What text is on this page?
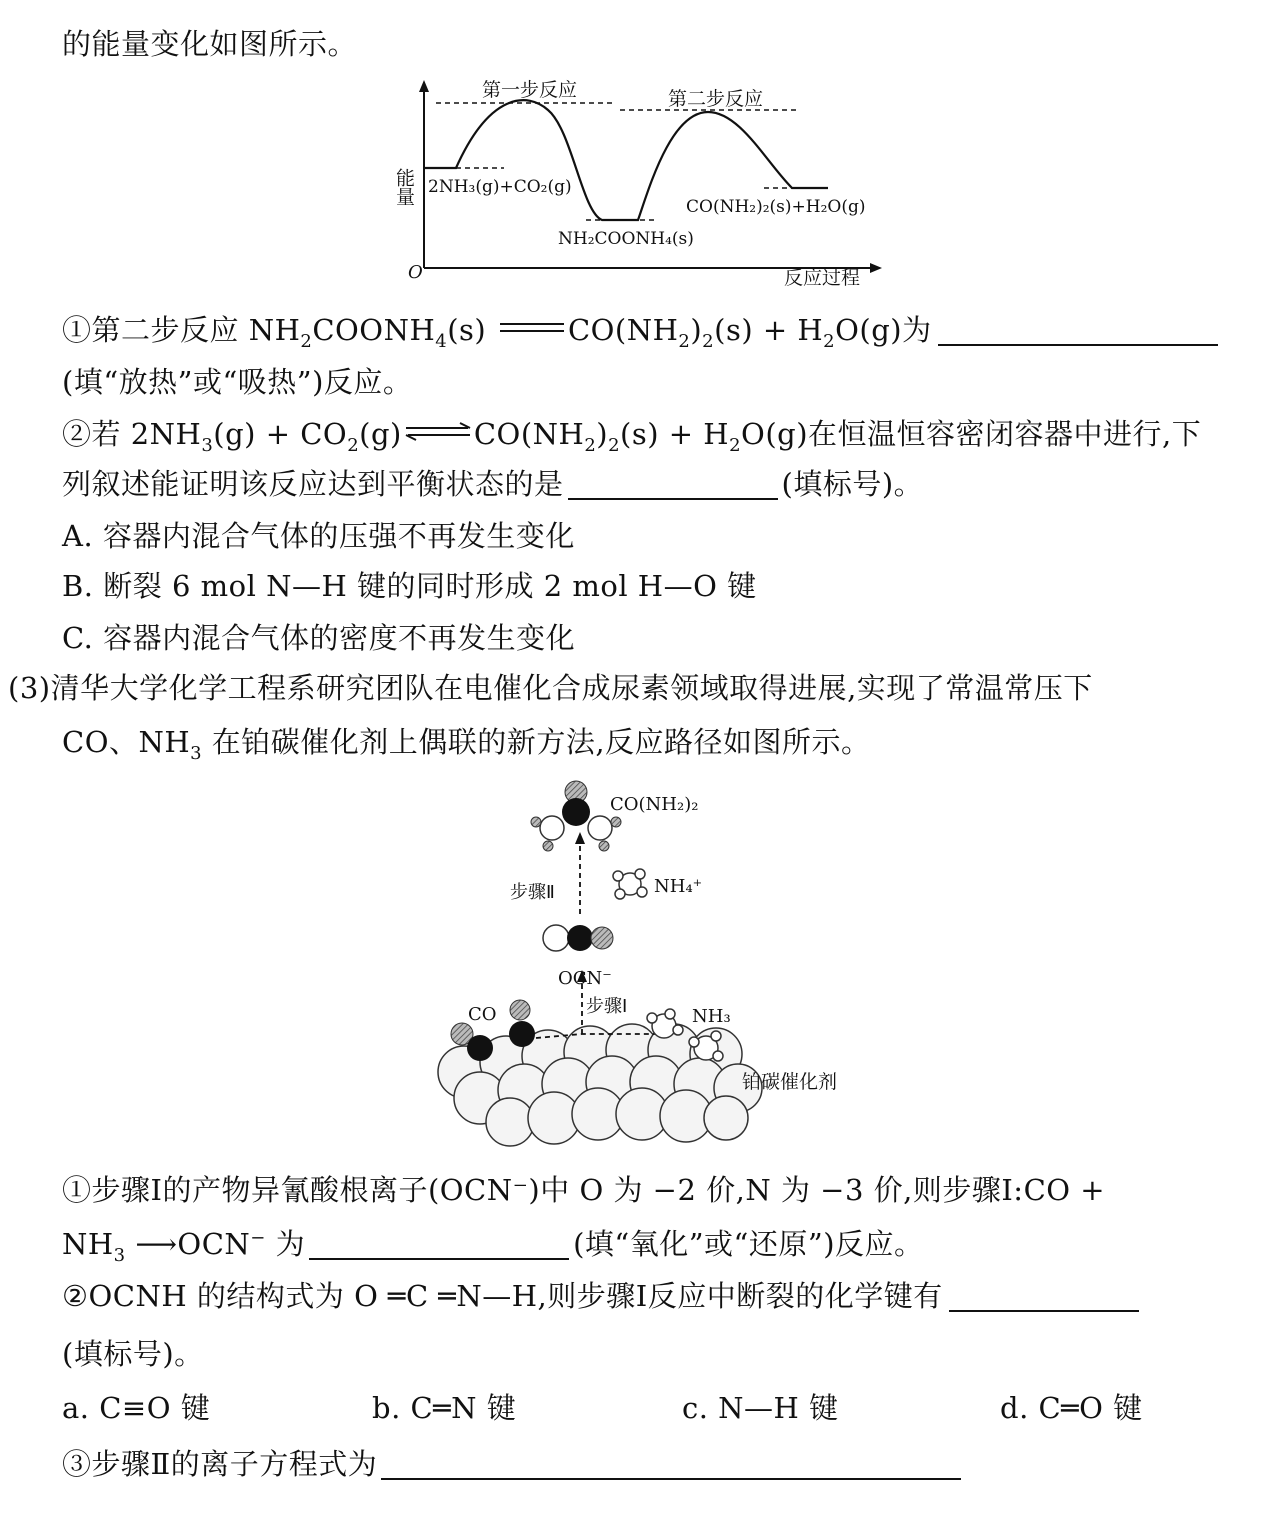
的能量变化如图所示。
能量
O	反应过程
第一步反应	第二步反应
2NH₃(g)+CO₂(g)
NH₂COONH₄(s)
CO(NH₂)₂(s)+H₂O(g)
①第二步反应 $NH_2COONH_4(s)$	$CO(NH_2)_2(s) + H_2O(g)$为
(填“放热”或“吸热”)反应。
②若 $2NH_3(g)$ + $CO_2(g)\rightleftharpoons CO(NH_2)_2(s) + H_2O(g)$在恒温恒容密闭容器中进行,下
列叙述能证明该反应达到平衡状态的是	(填标号)。
A. 容器内混合气体的压强不再发生变化
B. 断裂 6 mol N—H 键的同时形成 2 mol H—O 键
C. 容器内混合气体的密度不再发生变化
(3)清华大学化学工程系研究团队在电催化合成尿素领域取得进展,实现了常温常压下
CO、$NH_3$ 在铂碳催化剂上偶联的新方法,反应路径如图所示。
CO	NH₃
步骤Ⅰ
铂碳催化剂
OCN⁻
步骤Ⅱ	NH₄⁺
CO(NH₂)₂
①步骤Ⅰ的产物异氰酸根离子(OCN⁻)中 O 为 −2 价,N 为 −3 价,则步骤Ⅰ:CO +
$NH_3$ ⟶OCN− 为	(填“氧化”或“还原”)反应。
②OCNH 的结构式为 O ═C ═N—H,则步骤Ⅰ反应中断裂的化学键有
(填标号)。
a. C≡O 键	b. C═N 键	c. N—H 键	d. C═O 键
③步骤Ⅱ的离子方程式为
